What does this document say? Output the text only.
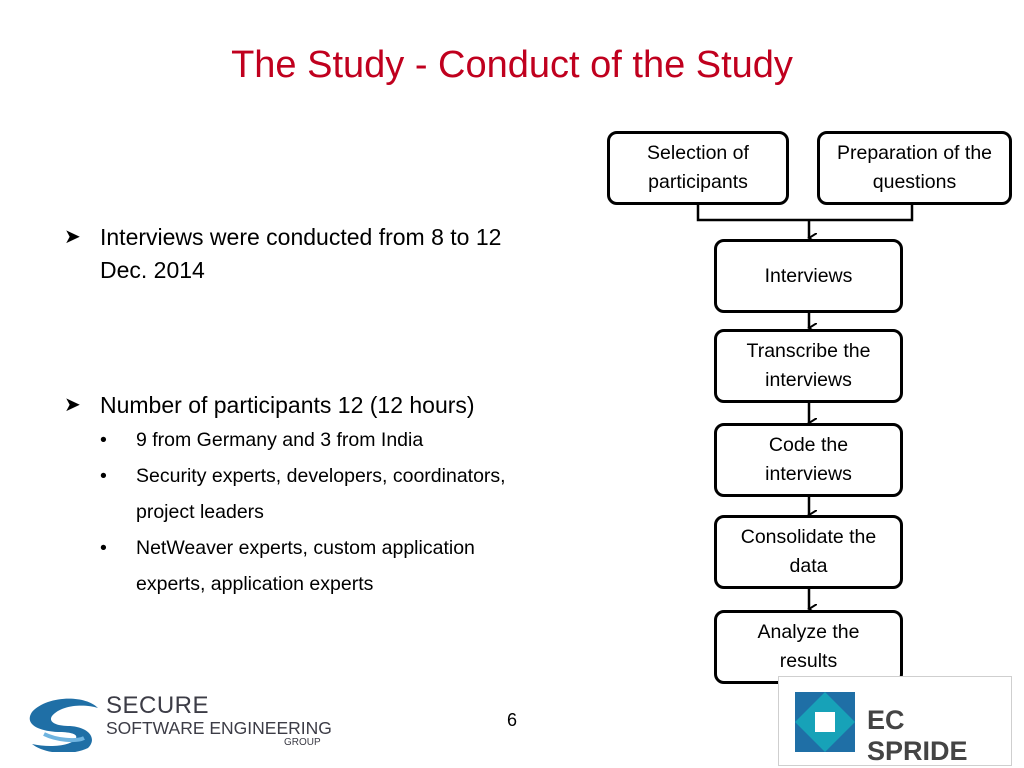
The Study - Conduct of the Study
➤ Interviews were conducted from 8 to 12
Dec. 2014
➤ Number of participants 12 (12 hours)
• 9 from Germany and 3 from India
• Security experts, developers, coordinators,
project leaders
• NetWeaver experts, custom application
experts, application experts
Selection of
participants
Preparation of the
questions
Interviews
Transcribe the
interviews
Code the
interviews
Consolidate the
data
Analyze the
results
6
SECURE
SOFTWARE ENGINEERING
GROUP
EC SPRIDE
